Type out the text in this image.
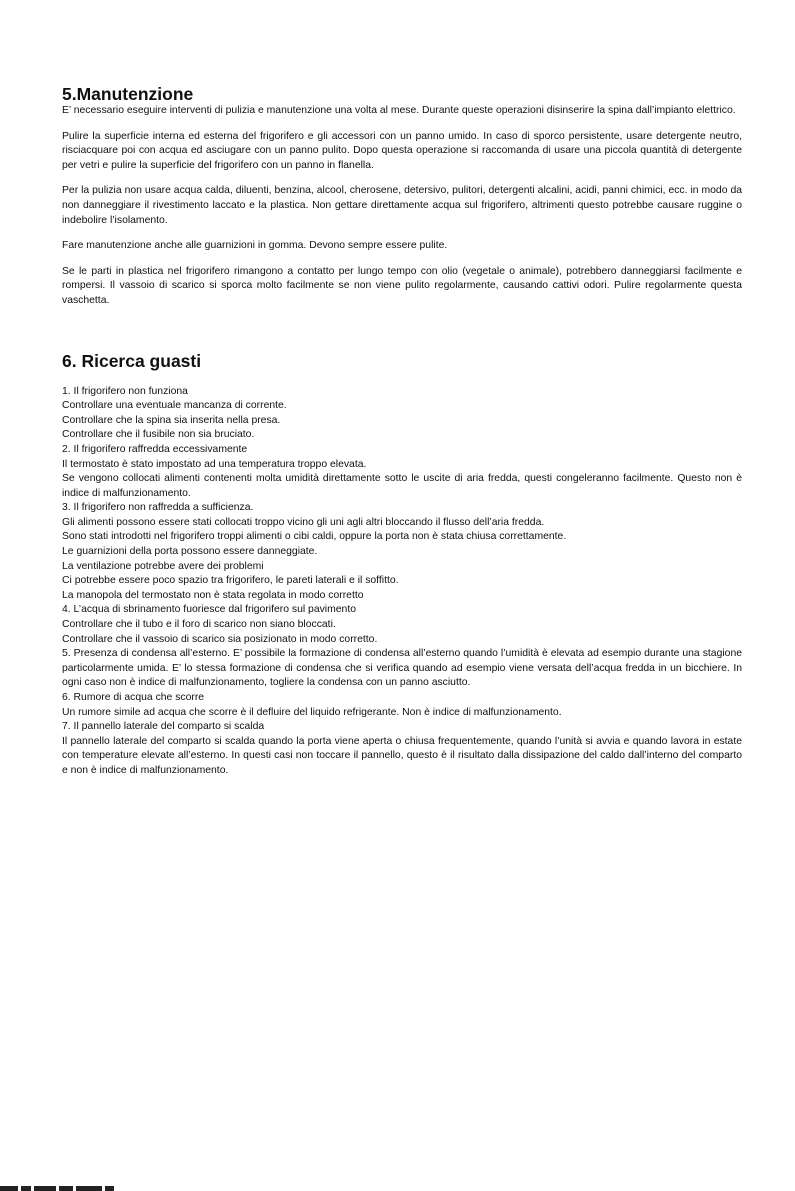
5.Manutenzione

E’ necessario eseguire interventi di pulizia e manutenzione una volta al mese. Durante queste operazioni disinserire la spina dall’impianto elettrico.

Pulire la superficie interna ed esterna del frigorifero e gli accessori con un panno umido. In caso di sporco persistente, usare detergente neutro, risciacquare poi con acqua ed asciugare con un panno pulito. Dopo questa operazione si raccomanda di usare una piccola quantità di detergente per vetri e pulire la superficie del frigorifero con un panno in flanella.

Per la pulizia non usare acqua calda, diluenti, benzina, alcool, cherosene, detersivo, pulitori, detergenti alcalini, acidi, panni chimici, ecc. in modo da non danneggiare il rivestimento laccato e la plastica. Non gettare direttamente acqua sul frigorifero, altrimenti questo potrebbe causare ruggine o indebolire l’isolamento.

Fare manutenzione anche alle guarnizioni in gomma. Devono sempre essere pulite.

Se le parti in plastica nel frigorifero rimangono a contatto per lungo tempo con olio (vegetale o animale), potrebbero danneggiarsi facilmente e rompersi. Il vassoio di scarico si sporca molto facilmente se non viene pulito regolarmente, causando cattivi odori. Pulire regolarmente questa vaschetta.

6. Ricerca guasti
1. Il frigorifero non funziona
Controllare una eventuale mancanza di corrente.
Controllare che la spina sia inserita nella presa.
Controllare che il fusibile non sia bruciato.
2. Il frigorifero raffredda eccessivamente
Il termostato è stato impostato ad una temperatura troppo elevata.
Se vengono collocati alimenti contenenti molta umidità direttamente sotto le uscite di aria fredda, questi congeleranno facilmente. Questo non è indice di malfunzionamento.
3. Il frigorifero non raffredda a sufficienza.
Gli alimenti possono essere stati collocati troppo vicino gli uni agli altri bloccando il flusso dell’aria fredda.
Sono stati introdotti nel frigorifero troppi alimenti o cibi caldi, oppure la porta non è stata chiusa correttamente.
Le guarnizioni della porta possono essere danneggiate.
La ventilazione potrebbe avere dei problemi
Ci potrebbe essere poco spazio tra frigorifero, le pareti laterali e il soffitto.
La manopola del termostato non è stata regolata in modo corretto
4. L’acqua di sbrinamento fuoriesce dal frigorifero sul pavimento
Controllare che il tubo e il foro di scarico non siano bloccati.
Controllare che il vassoio di scarico sia posizionato in modo corretto.
5. Presenza di condensa all’esterno. E’ possibile la formazione di condensa all’esterno quando l’umidità è elevata ad esempio durante una stagione particolarmente umida. E’ lo stessa formazione di condensa che si verifica quando ad esempio viene versata dell’acqua fredda in un bicchiere. In ogni caso non è indice di malfunzionamento, togliere la condensa con un panno asciutto.
6. Rumore di acqua che scorre
Un rumore simile ad acqua che scorre è il defluire del liquido refrigerante. Non è indice di malfunzionamento.
7. Il pannello laterale del comparto si scalda
Il pannello laterale del comparto si scalda quando la porta viene aperta o chiusa frequentemente, quando l’unità si avvia e quando lavora in estate con temperature elevate all’esterno. In questi casi non toccare il pannello, questo è il risultato dalla dissipazione del caldo dall’interno del comparto e non è indice di malfunzionamento.
